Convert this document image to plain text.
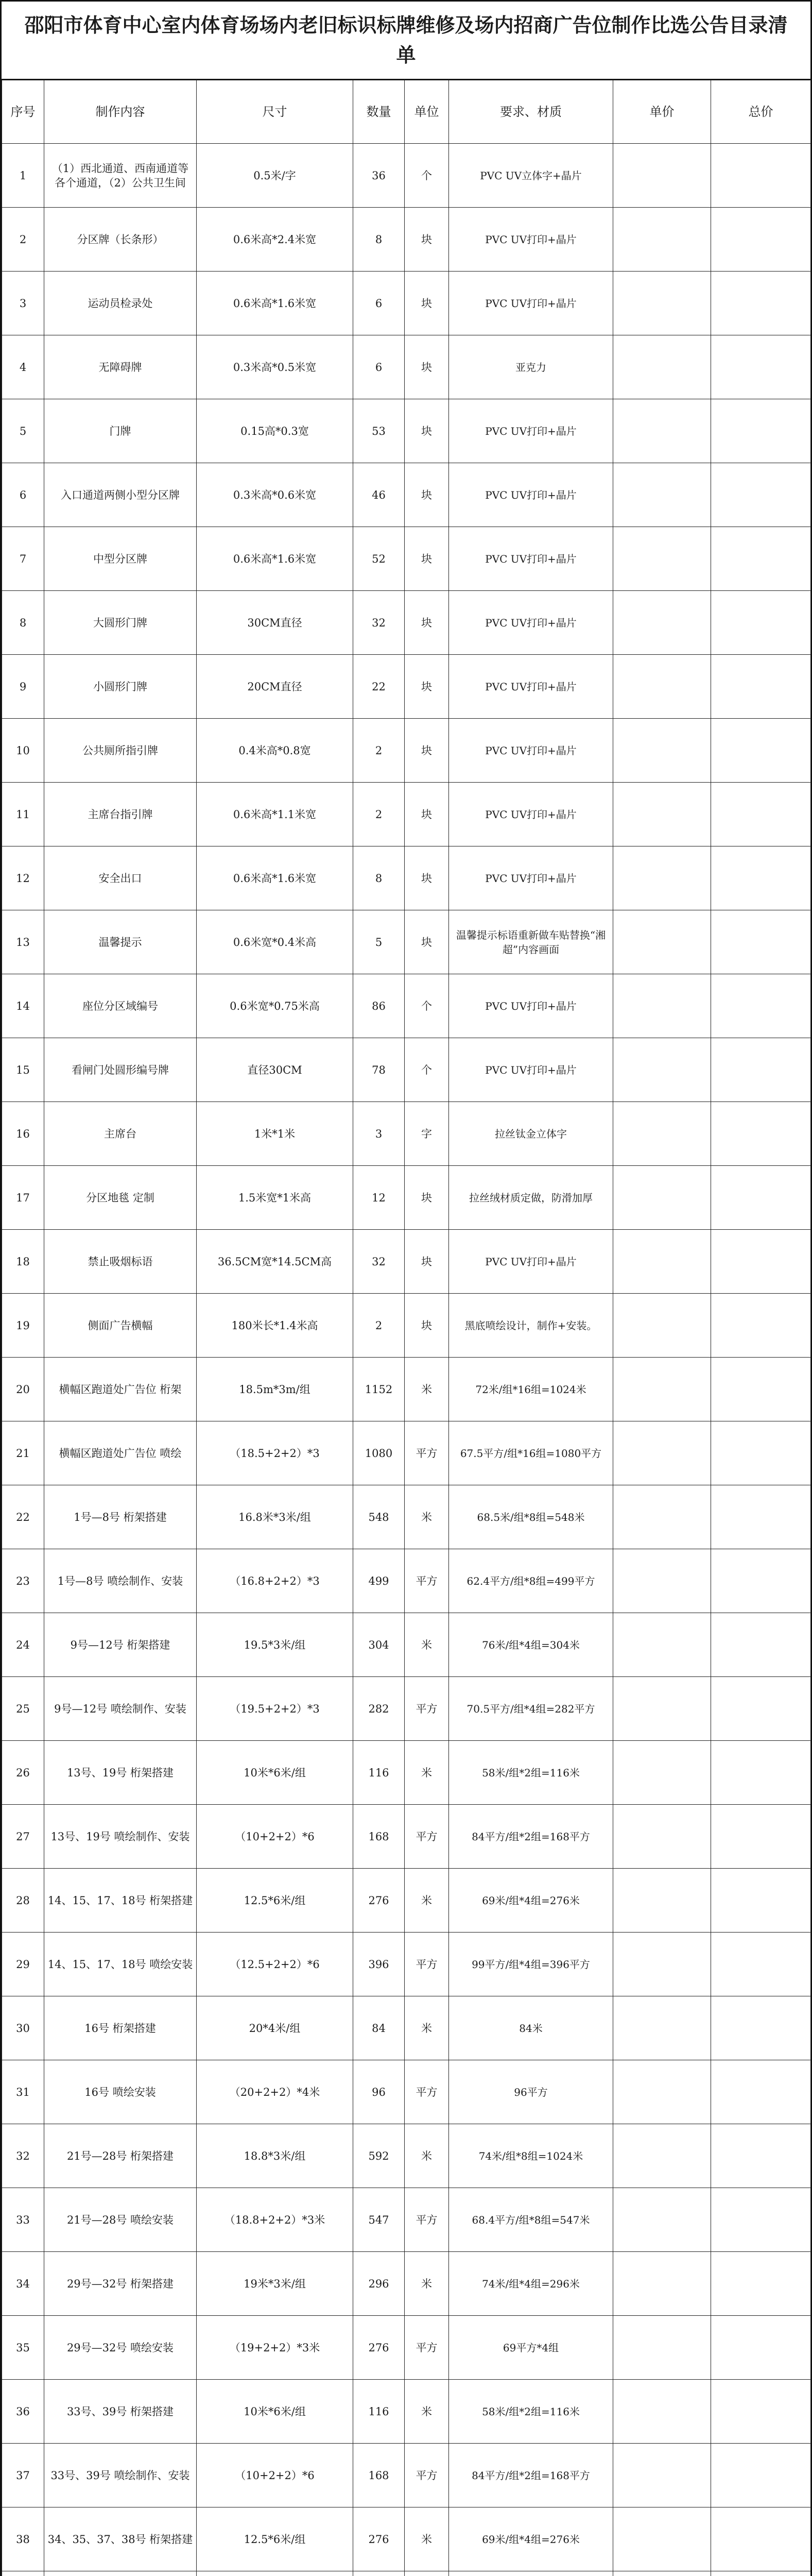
邵阳市体育中心室内体育场场内老旧标识标牌维修及场内招商广告位制作比选公告目录清单
序号	制作内容	尺寸	数量	单位	要求、材质	单价	总价
1	（1）西北通道、西南通道等各个通道，（2）公共卫生间	0.5米/字	36	个	PVC UV立体字+晶片		
2	分区牌（长条形）	0.6米高*2.4米宽	8	块	PVC UV打印+晶片		
3	运动员检录处	0.6米高*1.6米宽	6	块	PVC UV打印+晶片		
4	无障碍牌	0.3米高*0.5米宽	6	块	亚克力		
5	门牌	0.15高*0.3宽	53	块	PVC UV打印+晶片		
6	入口通道两侧小型分区牌	0.3米高*0.6米宽	46	块	PVC UV打印+晶片		
7	中型分区牌	0.6米高*1.6米宽	52	块	PVC UV打印+晶片		
8	大圆形门牌	30CM直径	32	块	PVC UV打印+晶片		
9	小圆形门牌	20CM直径	22	块	PVC UV打印+晶片		
10	公共厕所指引牌	0.4米高*0.8宽	2	块	PVC UV打印+晶片		
11	主席台指引牌	0.6米高*1.1米宽	2	块	PVC UV打印+晶片		
12	安全出口	0.6米高*1.6米宽	8	块	PVC UV打印+晶片		
13	温馨提示	0.6米宽*0.4米高	5	块	温馨提示标语重新做车贴替换“湘超”内容画面		
14	座位分区域编号	0.6米宽*0.75米高	86	个	PVC UV打印+晶片		
15	看闸门处圆形编号牌	直径30CM	78	个	PVC UV打印+晶片		
16	主席台	1米*1米	3	字	拉丝钛金立体字		
17	分区地毯 定制	1.5米宽*1米高	12	块	拉丝绒材质定做，防滑加厚		
18	禁止吸烟标语	36.5CM宽*14.5CM高	32	块	PVC UV打印+晶片		
19	侧面广告横幅	180米长*1.4米高	2	块	黑底喷绘设计，制作+安装。		
20	横幅区跑道处广告位 桁架	18.5m*3m/组	1152	米	72米/组*16组=1024米		
21	横幅区跑道处广告位 喷绘	（18.5+2+2）*3	1080	平方	67.5平方/组*16组=1080平方		
22	1号—8号 桁架搭建	16.8米*3米/组	548	米	68.5米/组*8组=548米		
23	1号—8号 喷绘制作、安装	（16.8+2+2）*3	499	平方	62.4平方/组*8组=499平方		
24	9号—12号 桁架搭建	19.5*3米/组	304	米	76米/组*4组=304米		
25	9号—12号 喷绘制作、安装	（19.5+2+2）*3	282	平方	70.5平方/组*4组=282平方		
26	13号、19号 桁架搭建	10米*6米/组	116	米	58米/组*2组=116米		
27	13号、19号 喷绘制作、安装	（10+2+2）*6	168	平方	84平方/组*2组=168平方		
28	14、15、17、18号 桁架搭建	12.5*6米/组	276	米	69米/组*4组=276米		
29	14、15、17、18号 喷绘安装	（12.5+2+2）*6	396	平方	99平方/组*4组=396平方		
30	16号 桁架搭建	20*4米/组	84	米	84米		
31	16号 喷绘安装	（20+2+2）*4米	96	平方	96平方		
32	21号—28号 桁架搭建	18.8*3米/组	592	米	74米/组*8组=1024米		
33	21号—28号 喷绘安装	（18.8+2+2）*3米	547	平方	68.4平方/组*8组=547米		
34	29号—32号 桁架搭建	19米*3米/组	296	米	74米/组*4组=296米		
35	29号—32号 喷绘安装	（19+2+2）*3米	276	平方	69平方*4组		
36	33号、39号 桁架搭建	10米*6米/组	116	米	58米/组*2组=116米		
37	33号、39号 喷绘制作、安装	（10+2+2）*6	168	平方	84平方/组*2组=168平方		
38	34、35、37、38号 桁架搭建	12.5*6米/组	276	米	69米/组*4组=276米		
